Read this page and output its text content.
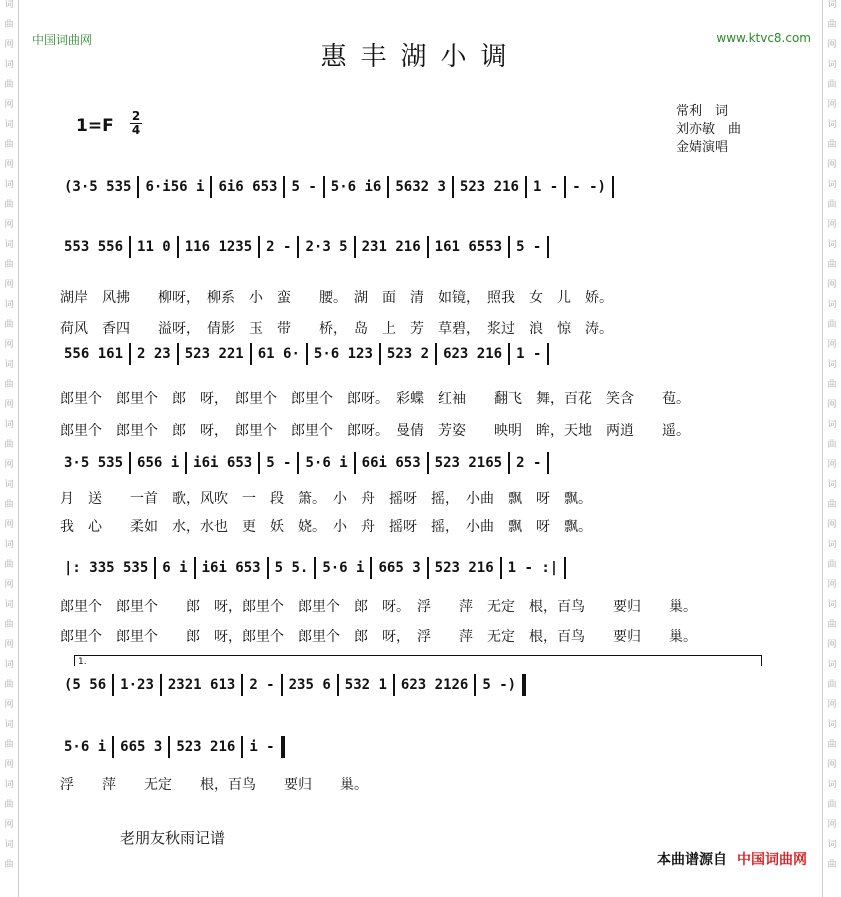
词
曲
网
词
曲
网
词
曲
网
词
曲
网
词
曲
网
词
曲
网
词
曲
网
词
曲
网
词
曲
网
词
曲
网
词
曲
网
词
曲
网
词
曲
网
词
曲
网
词
曲
词
曲
网
词
曲
网
词
曲
网
词
曲
网
词
曲
网
词
曲
网
词
曲
网
词
曲
网
词
曲
网
词
曲
网
词
曲
网
词
曲
网
词
曲
网
词
曲
网
词
曲
中国词曲网	www.ktvc8.com
惠丰湖小调
1=F 2
4
常利　词
刘亦敏　曲
金婧演唱
(3·5 535 6·i56 i 6i6 653 5 - 5·6 i6 5632 3 523 216 1 - - -)
553 556 11 0 116 1235 2 - 2·3 5 231 216 161 6553 5 -
湖岸　风拂　　柳呀，　柳系　小　蛮　　腰。　湖　面　清　如镜，　照我　女　儿　娇。
荷风　香四　　溢呀，　倩影　玉　带　　桥，　岛　上　芳　草碧，　浆过　浪　惊　涛。
556 161 2 23 523 221 61 6· 5·6 123 523 2 623 216 1 -
郎里个　郎里个　郎　呀，　郎里个　郎里个　郎呀。　彩蝶　红袖　　翻飞　舞，百花　笑含　　苞。
郎里个　郎里个　郎　呀，　郎里个　郎里个　郎呀。　曼倩　芳姿　　映明　眸，天地　两逍　　遥。
3·5 535 656 i i6i 653 5 - 5·6 i 66i 653 523 2165 2 -
月　送　　一首　歌，风吹　一　段　箫。　小　舟　摇呀　摇，　小曲　飘　呀　飘。
我　心　　柔如　水，水也　更　妖　娆。　小　舟　摇呀　摇，　小曲　飘　呀　飘。
|: 335 535 6 i i6i 653 5 5. 5·6 i 665 3 523 216 1 - :|
郎里个　郎里个　　郎　呀，郎里个　郎里个　郎　呀。　浮　　萍　无定　根，百鸟　　要归　　巢。
郎里个　郎里个　　郎　呀，郎里个　郎里个　郎　呀，　浮　　萍　无定　根，百鸟　　要归　　巢。
(5 56 1·23 2321 613 2 - 235 6 532 1 623 2126 5 -)
5·6 i 665 3 523 216 i -
浮　　萍　　无定　　根，百鸟　　要归　　巢。
1.
老朋友秋雨记谱
本曲谱源自 中国词曲网
